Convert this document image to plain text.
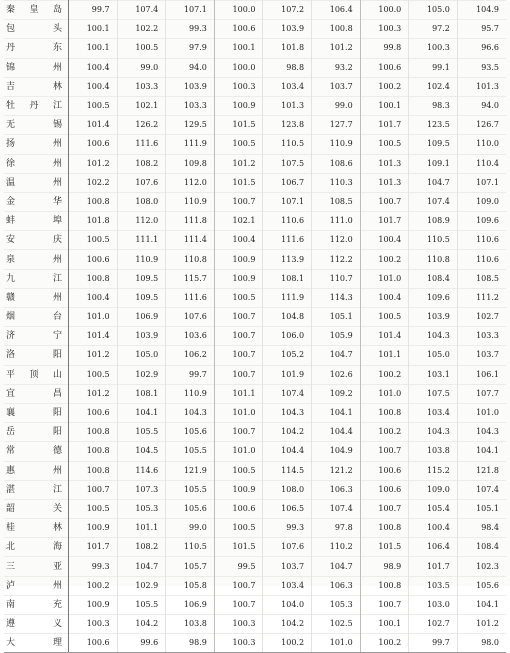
秦皇岛	99.7	107.4	107.1	100.0	107.2	106.4	100.0	105.0	104.9
包头	100.1	102.2	99.3	100.6	103.9	100.8	100.3	97.2	95.7
丹东	100.1	100.5	97.9	100.1	101.8	101.2	99.8	100.3	96.6
锦州	100.4	99.0	94.0	100.0	98.8	93.2	100.6	99.1	93.5
吉林	100.4	103.3	103.9	100.3	103.4	103.7	100.2	102.4	101.3
牡丹江	100.5	102.1	103.3	100.9	101.3	99.0	100.1	98.3	94.0
无锡	101.4	126.2	129.5	101.5	123.8	127.7	101.7	123.5	126.7
扬州	100.6	111.6	111.9	100.5	110.5	110.9	100.5	109.5	110.0
徐州	101.2	108.2	109.8	101.2	107.5	108.6	101.3	109.1	110.4
温州	102.2	107.6	112.0	101.5	106.7	110.3	101.3	104.7	107.1
金华	100.8	108.0	110.9	100.7	107.1	108.5	100.7	107.4	109.0
蚌埠	101.8	112.0	111.8	102.1	110.6	111.0	101.7	108.9	109.6
安庆	100.5	111.1	111.4	100.4	111.6	112.0	100.4	110.5	110.6
泉州	100.6	110.9	110.8	100.9	113.9	112.2	100.2	110.8	110.6
九江	100.8	109.5	115.7	100.9	108.1	110.7	101.0	108.4	108.5
赣州	100.4	109.5	111.6	100.5	111.9	114.3	100.4	109.6	111.2
烟台	101.0	106.9	107.6	100.7	104.8	105.1	100.5	103.9	102.7
济宁	101.4	103.9	103.6	100.7	106.0	105.9	101.4	104.3	103.3
洛阳	101.2	105.0	106.2	100.7	105.2	104.7	101.1	105.0	103.7
平顶山	100.5	102.9	99.7	100.7	101.9	102.6	100.2	103.1	106.1
宜昌	101.2	108.1	110.9	101.1	107.4	109.2	101.0	107.5	107.7
襄阳	100.6	104.1	104.3	101.0	104.3	104.1	100.8	103.4	101.0
岳阳	100.8	105.5	105.6	100.7	104.2	104.4	100.2	104.3	104.3
常德	100.8	104.5	105.5	101.0	104.4	104.9	100.7	103.8	104.1
惠州	100.8	114.6	121.9	100.5	114.5	121.2	100.6	115.2	121.8
湛江	100.7	107.3	105.5	100.9	108.0	106.3	100.6	109.0	107.4
韶关	100.5	105.3	105.6	100.6	106.5	107.4	100.7	105.4	105.1
桂林	100.9	101.1	99.0	100.5	99.3	97.8	100.8	100.4	98.4
北海	101.7	108.2	110.5	101.5	107.6	110.2	101.5	106.4	108.4
三亚	99.3	104.7	105.7	99.5	103.7	104.7	98.9	101.7	102.3
泸州	100.2	102.9	105.8	100.7	103.4	106.3	100.8	103.5	105.6
南充	100.9	105.5	106.9	100.7	104.0	105.3	100.7	103.0	104.1
遵义	100.3	104.2	103.8	100.3	104.2	102.5	100.1	102.7	101.2
大理	100.6	99.6	98.9	100.3	100.2	101.0	100.2	99.7	98.0
